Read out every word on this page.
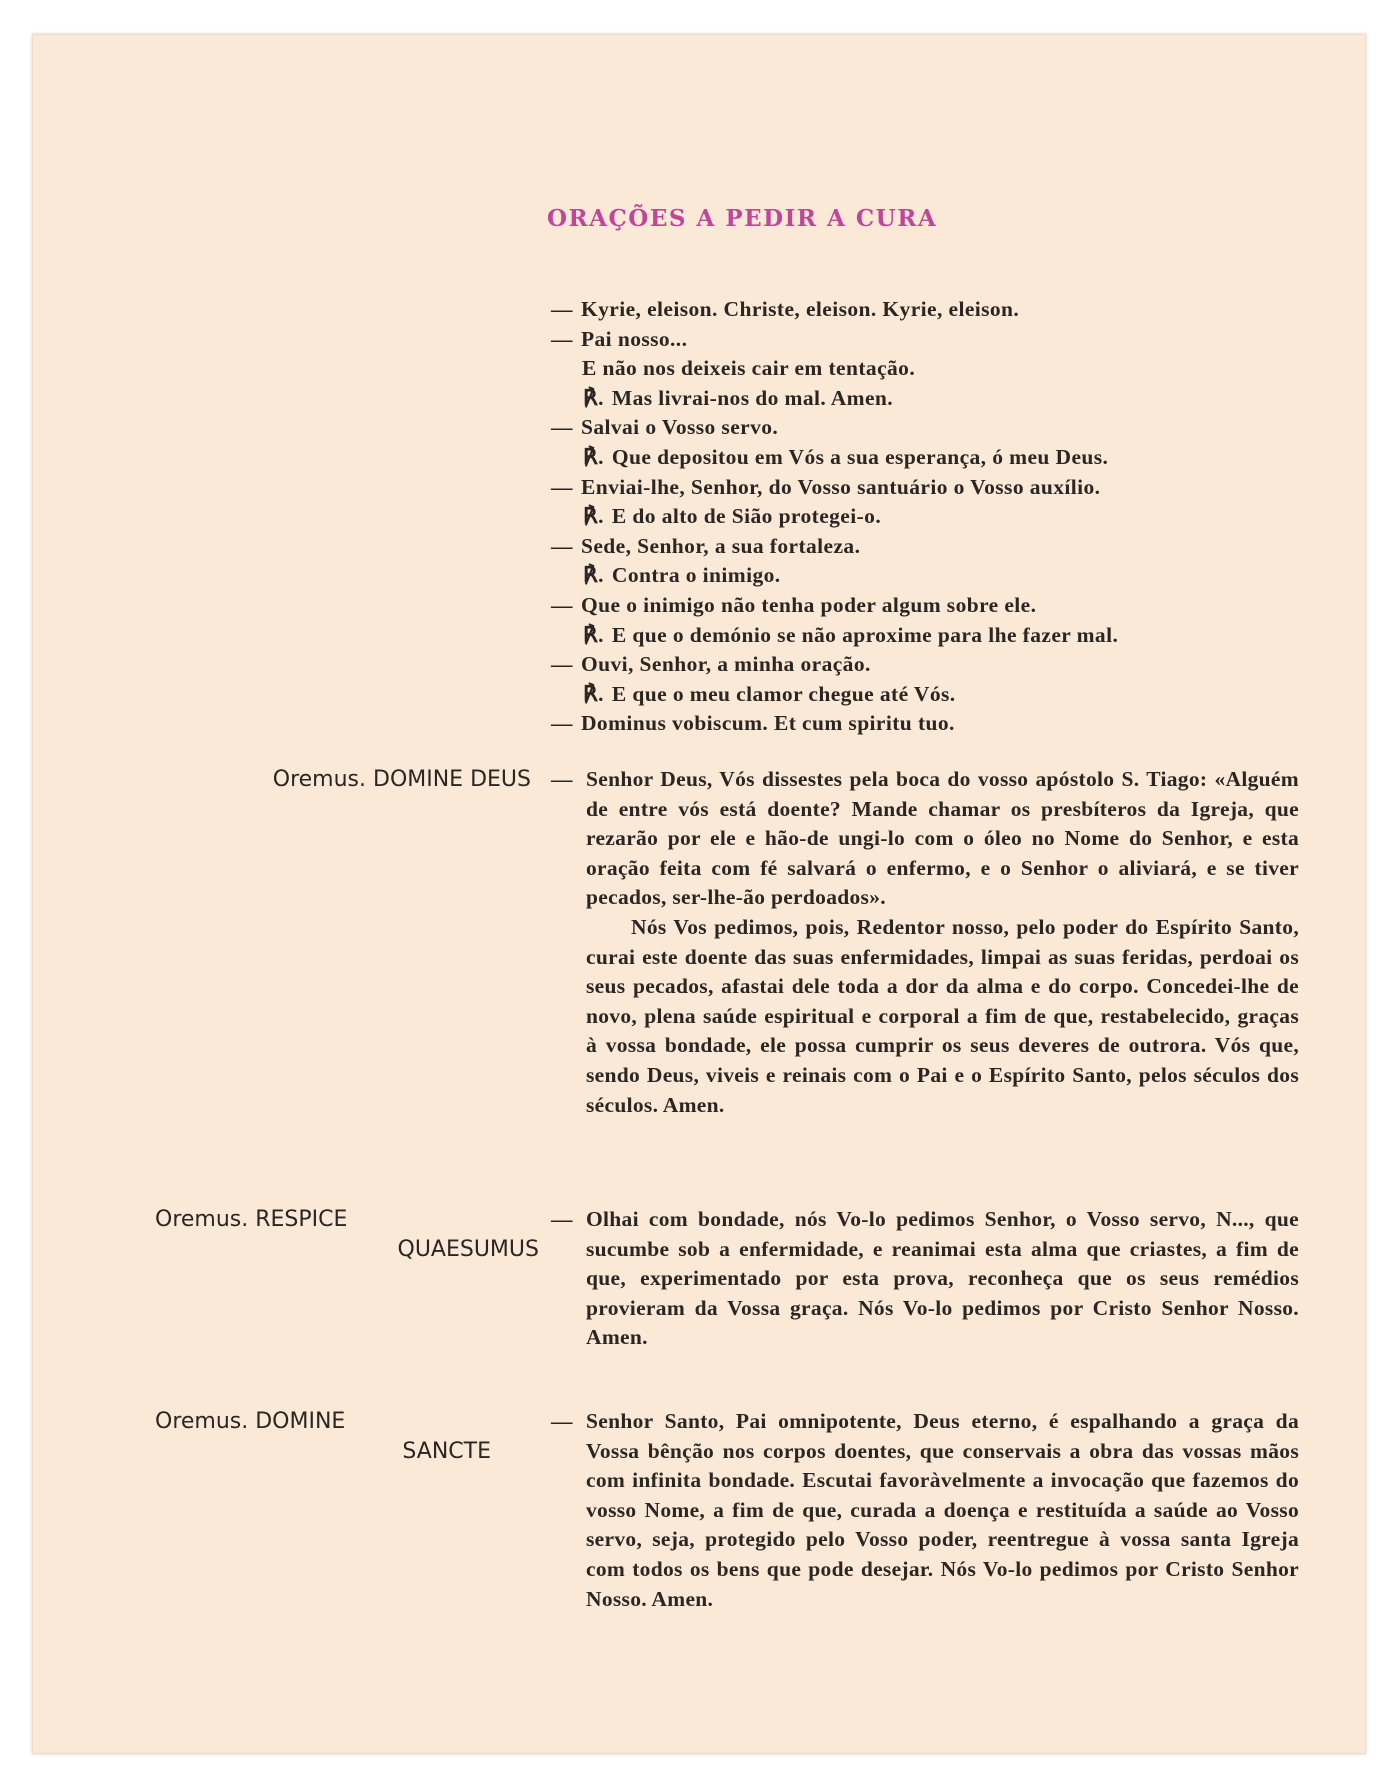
ORAÇÕES A PEDIR A CURA
— Kyrie, eleison. Christe, eleison. Kyrie, eleison.
— Pai nosso...
E não nos deixeis cair em tentação.
℟. Mas livrai-nos do mal. Amen.
— Salvai o Vosso servo.
℟. Que depositou em Vós a sua esperança, ó meu Deus.
— Enviai-lhe, Senhor, do Vosso santuário o Vosso auxílio.
℟. E do alto de Sião protegei-o.
— Sede, Senhor, a sua fortaleza.
℟. Contra o inimigo.
— Que o inimigo não tenha poder algum sobre ele.
℟. E que o demónio se não aproxime para lhe fazer mal.
— Ouvi, Senhor, a minha oração.
℟. E que o meu clamor chegue até Vós.
— Dominus vobiscum. Et cum spiritu tuo.
Oremus. DOMINE DEUS — Senhor Deus, Vós dissestes pela boca do vosso apóstolo S. Tiago: «Alguém de entre vós está doente? Mande chamar os presbíteros da Igreja, que rezarão por ele e hão-de ungi-lo com o óleo no Nome do Senhor, e esta oração feita com fé salvará o enfermo, e o Senhor o aliviará, e se tiver pecados, ser-lhe-ão perdoados».
Nós Vos pedimos, pois, Redentor nosso, pelo poder do Espírito Santo, curai este doente das suas enfermidades, limpai as suas feridas, perdoai os seus pecados, afastai dele toda a dor da alma e do corpo. Concedei-lhe de novo, plena saúde espiritual e corporal a fim de que, restabelecido, graças à vossa bondade, ele possa cumprir os seus deveres de outrora. Vós que, sendo Deus, viveis e reinais com o Pai e o Espírito Santo, pelos séculos dos séculos. Amen.
Oremus. RESPICE
QUAESUMUS
— Olhai com bondade, nós Vo-lo pedimos Senhor, o Vosso servo, N..., que sucumbe sob a enfermidade, e reanimai esta alma que criastes, a fim de que, experimentado por esta prova, reconheça que os seus remédios provieram da Vossa graça. Nós Vo-lo pedimos por Cristo Senhor Nosso. Amen.
Oremus. DOMINE
SANCTE
— Senhor Santo, Pai omnipotente, Deus eterno, é espalhando a graça da Vossa bênção nos corpos doentes, que conservais a obra das vossas mãos com infinita bondade. Escutai favoràvelmente a invocação que fazemos do vosso Nome, a fim de que, curada a doença e restituída a saúde ao Vosso servo, seja, protegido pelo Vosso poder, reentregue à vossa santa Igreja com todos os bens que pode desejar. Nós Vo-lo pedimos por Cristo Senhor Nosso. Amen.
